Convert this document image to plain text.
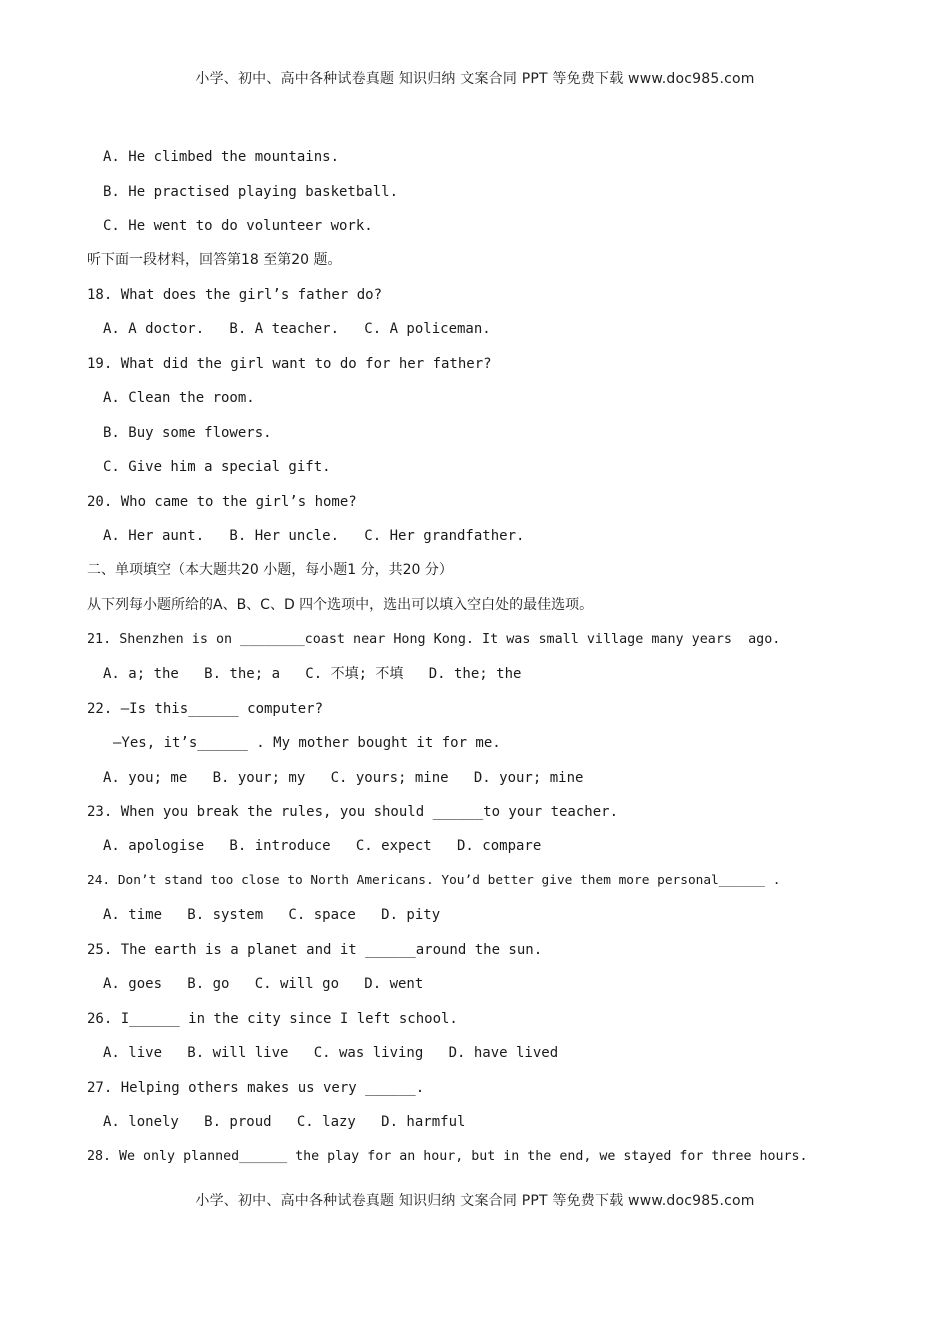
小学、初中、高中各种试卷真题 知识归纳 文案合同 PPT 等免费下载 www.doc985.com
A. He climbed the mountains.
B. He practised playing basketball.
C. He went to do volunteer work.
听下面一段材料，回答第18 至第20 题。
18. What does the girl’s father do?
A. A doctor.   B. A teacher.   C. A policeman.
19. What did the girl want to do for her father?
A. Clean the room.
B. Buy some flowers.
C. Give him a special gift.
20. Who came to the girl’s home?
A. Her aunt.   B. Her uncle.   C. Her grandfather.
二、单项填空（本大题共20 小题，每小题1 分，共20 分）
从下列每小题所给的A、B、C、D 四个选项中，选出可以填入空白处的最佳选项。
21. Shenzhen is on ________coast near Hong Kong. It was small village many years  ago.
A. a; the   B. the; a   C. 不填; 不填   D. the; the
22. —Is this______ computer?
—Yes, it’s______ . My mother bought it for me.
A. you; me   B. your; my   C. yours; mine   D. your; mine
23. When you break the rules, you should ______to your teacher.
A. apologise   B. introduce   C. expect   D. compare
24. Don’t stand too close to North Americans. You’d better give them more personal______ .
A. time   B. system   C. space   D. pity
25. The earth is a planet and it ______around the sun.
A. goes   B. go   C. will go   D. went
26. I______ in the city since I left school.
A. live   B. will live   C. was living   D. have lived
27. Helping others makes us very ______.
A. lonely   B. proud   C. lazy   D. harmful
28. We only planned______ the play for an hour, but in the end, we stayed for three hours.
小学、初中、高中各种试卷真题 知识归纳 文案合同 PPT 等免费下载 www.doc985.com
